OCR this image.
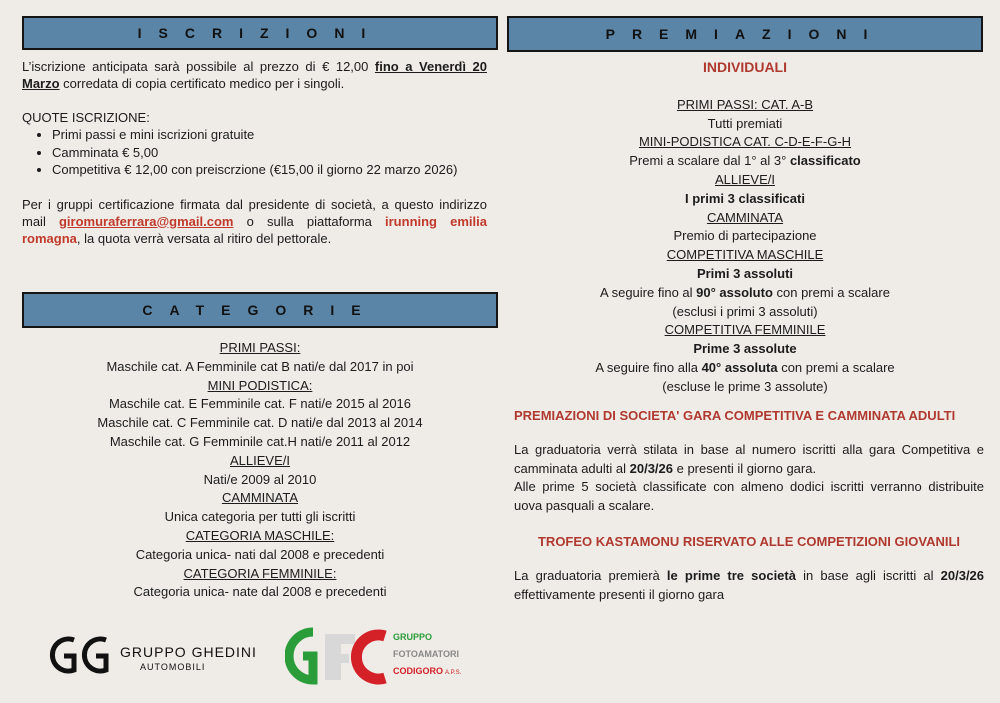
ISCRIZIONI
L’iscrizione anticipata sarà possibile al prezzo di € 12,00 fino a Venerdì 20 Marzo corredata di copia certificato medico per i singoli.
QUOTE ISCRIZIONE:
• Primi passi e mini iscrizioni gratuite
• Camminata € 5,00
• Competitiva € 12,00 con preiscrzione (€15,00 il giorno 22 marzo 2026)
Per i gruppi certificazione firmata dal presidente di società, a questo indirizzo mail giromuraferrara@gmail.com o sulla piattaforma irunning emilia romagna, la quota verrà versata al ritiro del pettorale.
CATEGORIE
PRIMI PASSI:
Maschile cat. A Femminile cat B nati/e dal 2017 in poi
MINI PODISTICA:
Maschile cat. E Femminile cat. F nati/e 2015 al 2016
Maschile cat. C Femminile cat. D nati/e dal 2013 al 2014
Maschile cat. G Femminile cat.H nati/e 2011 al 2012
ALLIEVE/I
Nati/e 2009 al 2010
CAMMINATA
Unica categoria per tutti gli iscritti
CATEGORIA MASCHILE:
Categoria unica- nati dal 2008 e precedenti
CATEGORIA FEMMINILE:
Categoria unica- nate dal 2008 e precedenti
GRUPPO GHEDINI
AUTOMOBILI	GFC
GRUPPO
FOTOAMATORI
CODIGORO A.P.S.
PREMIAZIONI
INDIVIDUALI
PRIMI PASSI: CAT. A-B
Tutti premiati
MINI-PODISTICA CAT. C-D-E-F-G-H
Premi a scalare dal 1° al 3° classificato
ALLIEVE/I
I primi 3 classificati
CAMMINATA
Premio di partecipazione
COMPETITIVA MASCHILE
Primi 3 assoluti
A seguire fino al 90° assoluto con premi a scalare
(esclusi i primi 3 assoluti)
COMPETITIVA FEMMINILE
Prime 3 assolute
A seguire fino alla 40° assoluta con premi a scalare
(escluse le prime 3 assolute)
PREMIAZIONI DI SOCIETA' GARA COMPETITIVA E CAMMINATA ADULTI
La graduatoria verrà stilata in base al numero iscritti alla gara Competitiva e camminata adulti al 20/3/26 e presenti il giorno gara.
Alle prime 5 società classificate con almeno dodici iscritti verranno distribuite uova pasquali a scalare.
TROFEO KASTAMONU RISERVATO ALLE COMPETIZIONI GIOVANILI
La graduatoria premierà le prime tre società in base agli iscritti al 20/3/26 effettivamente presenti il giorno gara
